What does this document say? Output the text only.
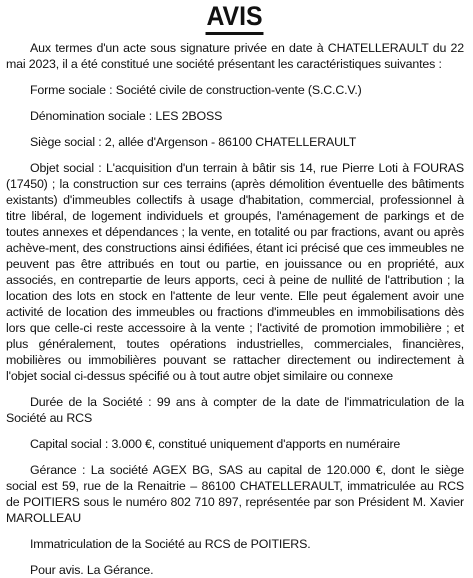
AVIS

Aux termes d'un acte sous signature privée en date à CHATELLERAULT du 22 mai 2023, il a été constitué une société présentant les caractéristiques suivantes :

Forme sociale : Société civile de construction-vente (S.C.C.V.)

Dénomination sociale : LES 2BOSS

Siège social : 2, allée d'Argenson - 86100 CHATELLERAULT

Objet social : L'acquisition d'un terrain à bâtir sis 14, rue Pierre Loti à FOURAS (17450) ; la construction sur ces terrains (après démolition éventuelle des bâtiments existants) d'immeubles collectifs à usage d'habitation, commercial, professionnel à titre libéral, de logement individuels et groupés, l'aménagement de parkings et de toutes annexes et dépendances ; la vente, en totalité ou par fractions, avant ou après achève-ment, des constructions ainsi édifiées, étant ici précisé que ces immeubles ne peuvent pas être attribués en tout ou partie, en jouissance ou en propriété, aux associés, en contrepartie de leurs apports, ceci à peine de nullité de l'attribution ; la location des lots en stock en l'attente de leur vente. Elle peut également avoir une activité de location des immeubles ou fractions d'immeubles en immobilisations dès lors que celle-ci reste accessoire à la vente ; l'activité de promotion immobilière ; et plus généralement, toutes opérations industrielles, commerciales, financières, mobilières ou immobilières pouvant se rattacher directement ou indirectement à l'objet social ci-dessus spécifié ou à tout autre objet similaire ou connexe

Durée de la Société : 99 ans à compter de la date de l'immatriculation de la Société au RCS

Capital social : 3.000 €, constitué uniquement d'apports en numéraire

Gérance : La société AGEX BG, SAS au capital de 120.000 €, dont le siège social est 59, rue de la Renaitrie – 86100 CHATELLERAULT, immatriculée au RCS de POITIERS sous le numéro 802 710 897, représentée par son Président M. Xavier MAROLLEAU

Immatriculation de la Société au RCS de POITIERS.

Pour avis. La Gérance.
